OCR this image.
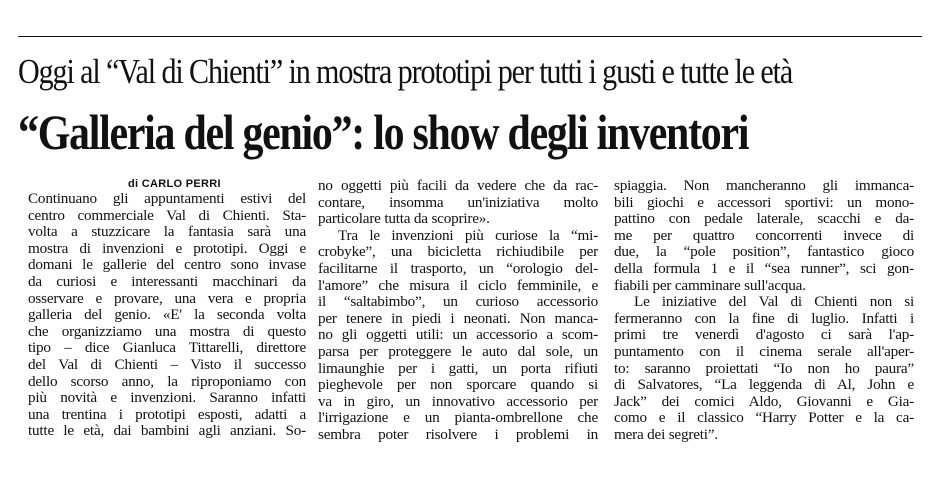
Oggi al “Val di Chienti” in mostra prototipi per tutti i gusti e tutte le età
“Galleria del genio”: lo show degli inventori
di CARLO PERRI
Continuano gli appuntamenti estivi del
centro commerciale Val di Chienti. Sta-
volta a stuzzicare la fantasia sarà una
mostra di invenzioni e prototipi. Oggi e
domani le gallerie del centro sono invase
da curiosi e interessanti macchinari da
osservare e provare, una vera e propria
galleria del genio. «E' la seconda volta
che organizziamo una mostra di questo
tipo – dice Gianluca Tittarelli, direttore
del Val di Chienti – Visto il successo
dello scorso anno, la riproponiamo con
più novità e invenzioni. Saranno infatti
una trentina i prototipi esposti, adatti a
tutte le età, dai bambini agli anziani. So-
no oggetti più facili da vedere che da rac-
contare, insomma un'iniziativa molto
particolare tutta da scoprire».
Tra le invenzioni più curiose la “mi-
crobyke”, una bicicletta richiudibile per
facilitarne il trasporto, un “orologio del-
l'amore” che misura il ciclo femminile, e
il “saltabimbo”, un curioso accessorio
per tenere in piedi i neonati. Non manca-
no gli oggetti utili: un accessorio a scom-
parsa per proteggere le auto dal sole, un
limaunghie per i gatti, un porta rifiuti
pieghevole per non sporcare quando si
va in giro, un innovativo accessorio per
l'irrigazione e un pianta-ombrellone che
sembra poter risolvere i problemi in
spiaggia. Non mancheranno gli immanca-
bili giochi e accessori sportivi: un mono-
pattino con pedale laterale, scacchi e da-
me per quattro concorrenti invece di
due, la “pole position”, fantastico gioco
della formula 1 e il “sea runner”, sci gon-
fiabili per camminare sull'acqua.
Le iniziative del Val di Chienti non si
fermeranno con la fine di luglio. Infatti i
primi tre venerdì d'agosto ci sarà l'ap-
puntamento con il cinema serale all'aper-
to: saranno proiettati “Io non ho paura”
di Salvatores, “La leggenda di Al, John e
Jack” dei comici Aldo, Giovanni e Gia-
como e il classico “Harry Potter e la ca-
mera dei segreti”.
